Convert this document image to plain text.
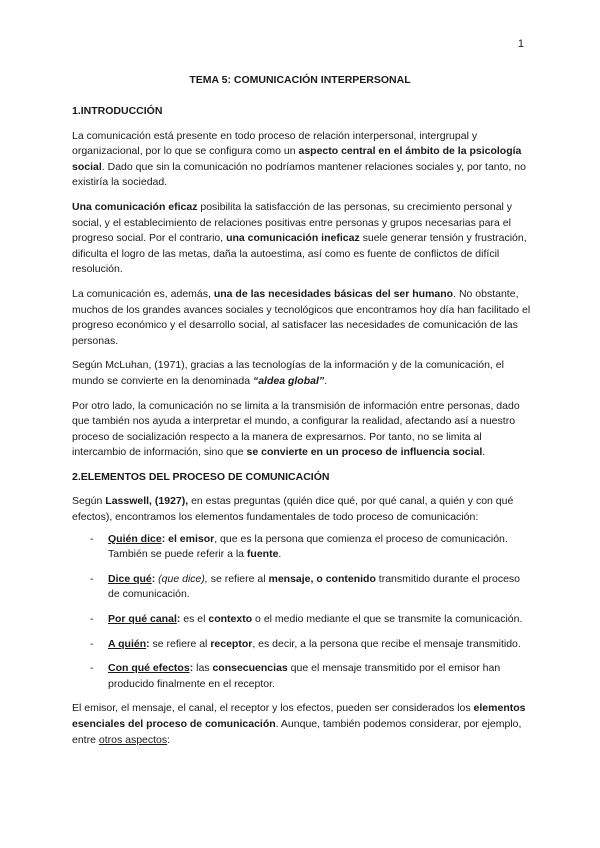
1
TEMA 5: COMUNICACIÓN INTERPERSONAL

1.INTRODUCCIÓN

La comunicación está presente en todo proceso de relación interpersonal, intergrupal y organizacional, por lo que se configura como un aspecto central en el ámbito de la psicología social. Dado que sin la comunicación no podríamos mantener relaciones sociales y, por tanto, no existiría la sociedad.

Una comunicación eficaz posibilita la satisfacción de las personas, su crecimiento personal y social, y el establecimiento de relaciones positivas entre personas y grupos necesarias para el progreso social. Por el contrario, una comunicación ineficaz suele generar tensión y frustración, dificulta el logro de las metas, daña la autoestima, así como es fuente de conflictos de difícil resolución.

La comunicación es, además, una de las necesidades básicas del ser humano. No obstante, muchos de los grandes avances sociales y tecnológicos que encontramos hoy día han facilitado el progreso económico y el desarrollo social, al satisfacer las necesidades de comunicación de las personas.

Según McLuhan, (1971), gracias a las tecnologías de la información y de la comunicación, el mundo se convierte en la denominada “aldea global”.

Por otro lado, la comunicación no se limita a la transmisión de información entre personas, dado que también nos ayuda a interpretar el mundo, a configurar la realidad, afectando así a nuestro proceso de socialización respecto a la manera de expresarnos. Por tanto, no se limita al intercambio de información, sino que se convierte en un proceso de influencia social.

2.ELEMENTOS DEL PROCESO DE COMUNICACIÓN

Según Lasswell, (1927), en estas preguntas (quién dice qué, por qué canal, a quién y con qué efectos), encontramos los elementos fundamentales de todo proceso de comunicación:

- Quién dice: el emisor, que es la persona que comienza el proceso de comunicación. También se puede referir a la fuente.
- Dice qué: (que dice), se refiere al mensaje, o contenido transmitido durante el proceso de comunicación.
- Por qué canal: es el contexto o el medio mediante el que se transmite la comunicación.
- A quién: se refiere al receptor, es decir, a la persona que recibe el mensaje transmitido.
- Con qué efectos: las consecuencias que el mensaje transmitido por el emisor han producido finalmente en el receptor.

El emisor, el mensaje, el canal, el receptor y los efectos, pueden ser considerados los elementos esenciales del proceso de comunicación. Aunque, también podemos considerar, por ejemplo, entre otros aspectos:
